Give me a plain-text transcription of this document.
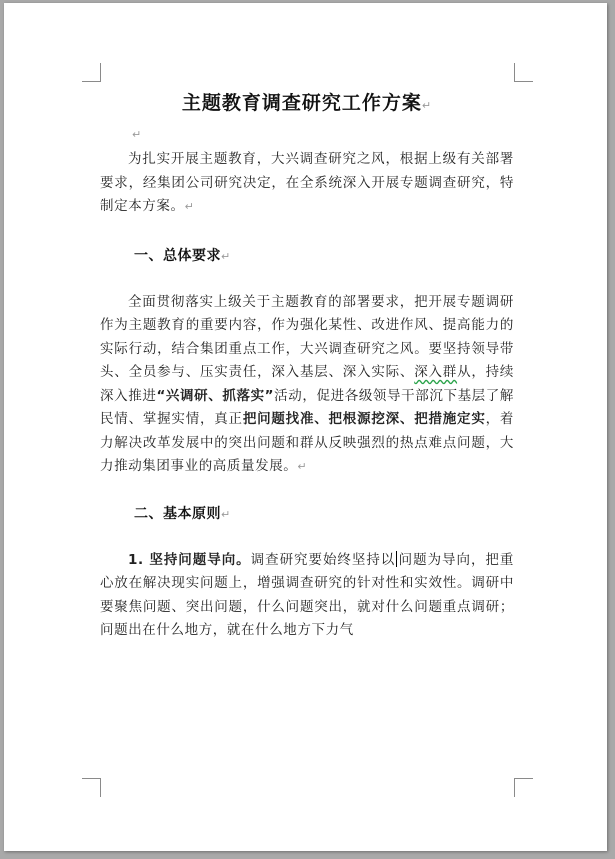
主题教育调查研究工作方案↵
↵

为扎实开展主题教育，大兴调查研究之风，根据上级有关部署要求，经集团公司研究决定，在全系统深入开展专题调查研究，特制定本方案。↵

一、总体要求↵

全面贯彻落实上级关于主题教育的部署要求，把开展专题调研作为主题教育的重要内容，作为强化某性、改进作风、提高能力的实际行动，结合集团重点工作，大兴调查研究之风。要坚持领导带头、全员参与、压实责任，深入基层、深入实际、深入群从，持续深入推进“兴调研、抓落实”活动，促进各级领导干部沉下基层了解民情、掌握实情，真正把问题找准、把根源挖深、把措施定实，着力解决改革发展中的突出问题和群从反映强烈的热点难点问题，大力推动集团事业的高质量发展。↵

二、基本原则↵

1. 坚持问题导向。调查研究要始终坚持以 问题为导向，把重心放在解决现实问题上，增强调查研究的针对性和实效性。调研中要聚焦问题、突出问题，什么问题突出，就对什么问题重点调研；问题出在什么地方，就在什么地方下力气
